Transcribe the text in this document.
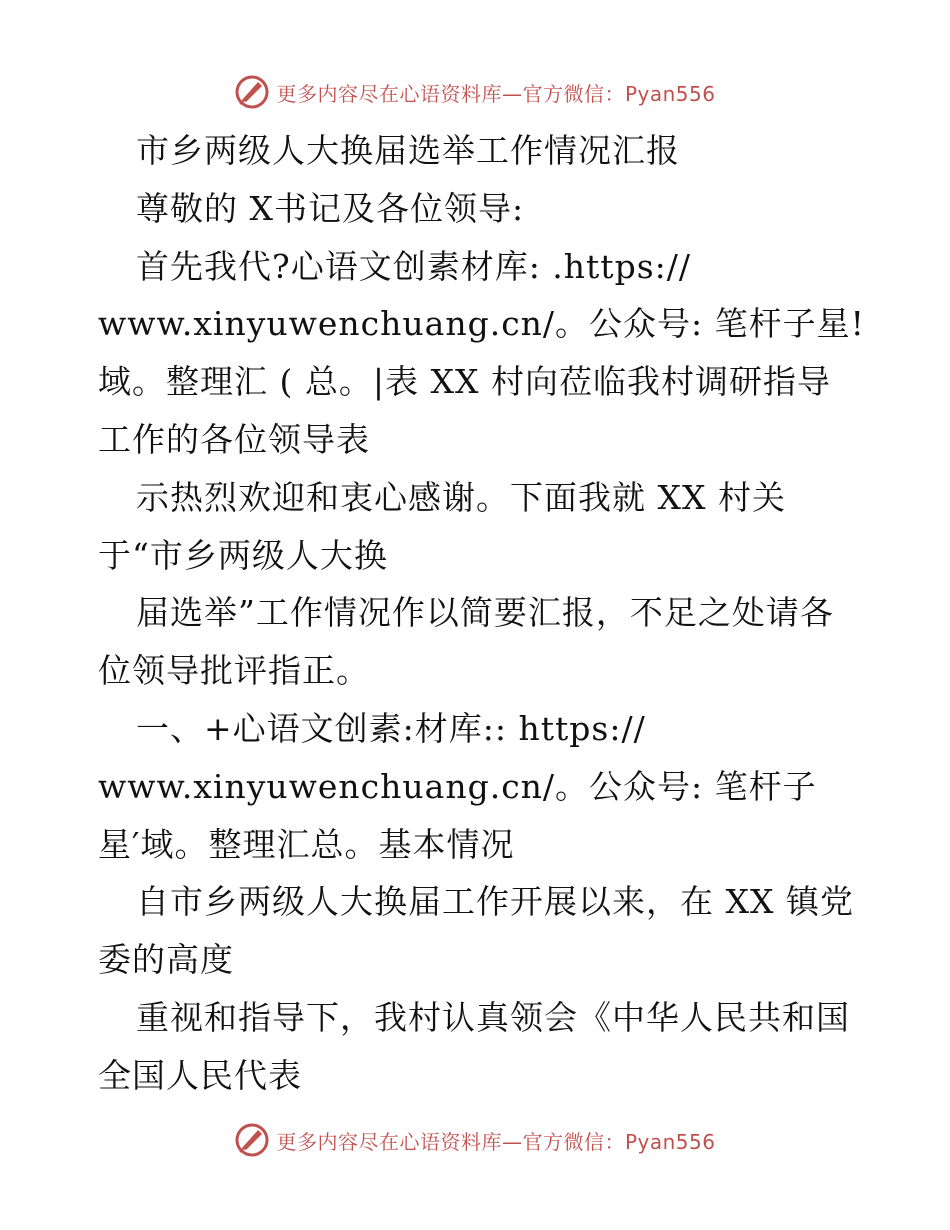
更多内容尽在心语资料库—官方微信：Pyan556
市乡两级人大换届选举工作情况汇报
尊敬的 X书记及各位领导:
首先我代?心语文创素材库: .https://
www.xinyuwenchuang.cn/。公众号: 笔杆子星!
域。整理汇 ( 总。|表 XX 村向莅临我村调研指导
工作的各位领导表
示热烈欢迎和衷心感谢。下面我就 XX 村关
于“市乡两级人大换
届选举”工作情况作以简要汇报，不足之处请各
位领导批评指正。
一、+心语文创素:材库:: https://
www.xinyuwenchuang.cn/。公众号: 笔杆子
星′域。整理汇总。基本情况
自市乡两级人大换届工作开展以来，在 XX 镇党
委的高度
重视和指导下，我村认真领会《中华人民共和国
全国人民代表
更多内容尽在心语资料库—官方微信：Pyan556
